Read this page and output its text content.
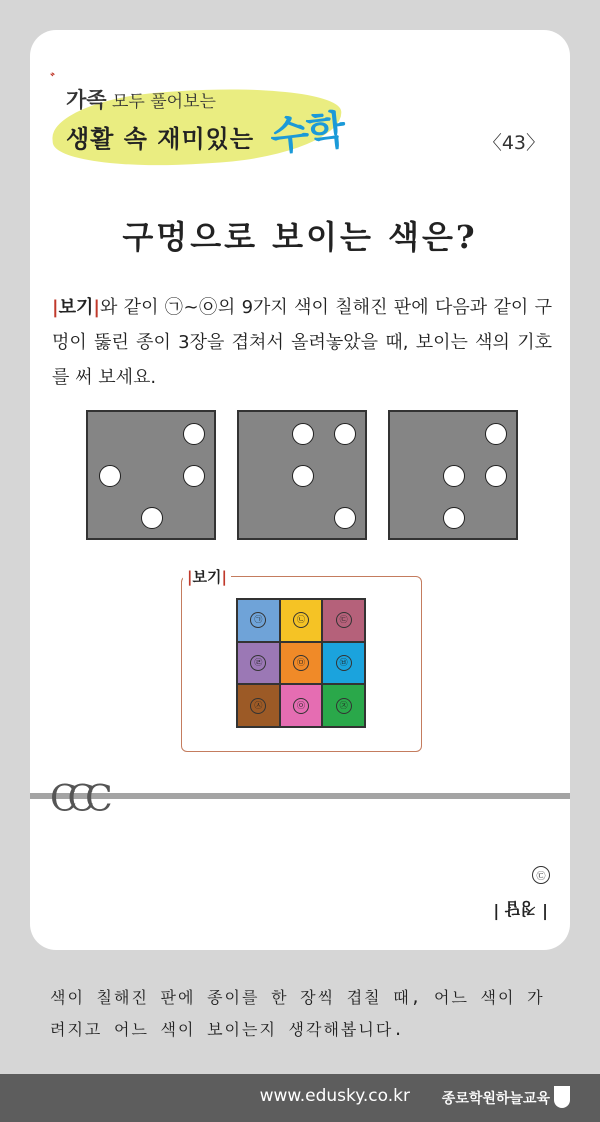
゛
가족 모두 풀어보는
생활 속 재미있는 수학	〈43〉
구멍으로 보이는 색은?
|보기|와 같이 ㉠~㉧의 9가지 색이 칠해진 판에 다음과 같이 구멍이 뚫린 종이 3장을 겹쳐서 올려놓았을 때, 보이는 색의 기호를 써 보세요.
|보기|
㉠	㉡	㉢
㉣	㉤	㉥
㉦	㉧	㉨
CCC
㉢
| 정답 |
색이 칠해진 판에 종이를 한 장씩 겹칠 때, 어느 색이 가려지고 어느 색이 보이는지 생각해봅니다.
www.edusky.co.kr 종로학원하늘교육
